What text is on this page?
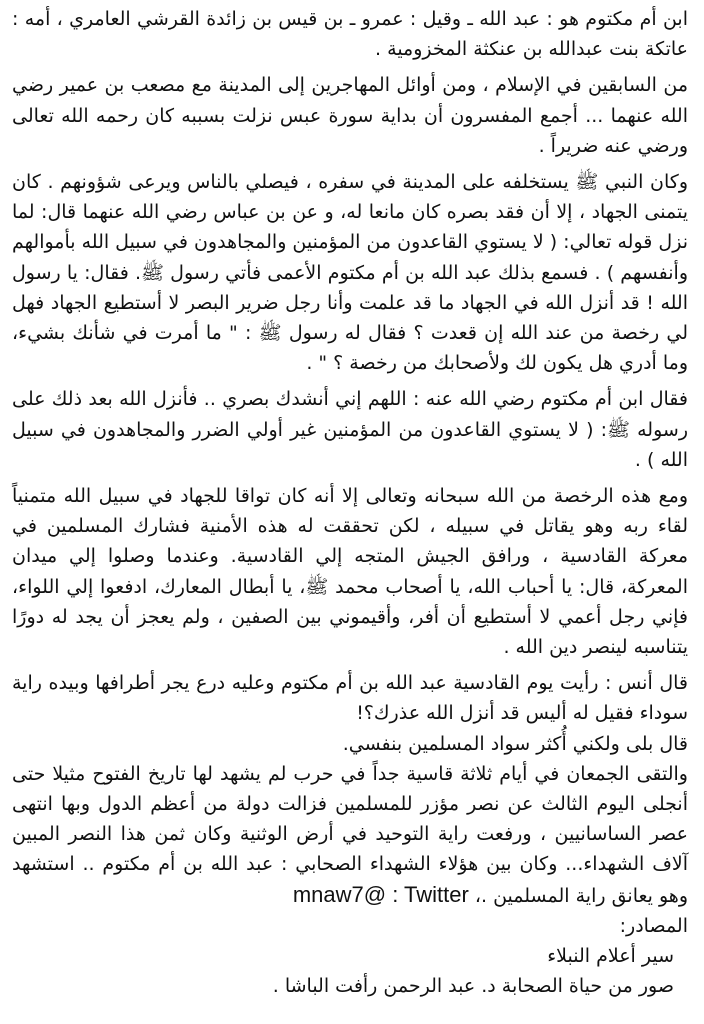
ابن أم مكتوم هو : عبد الله ـ وقيل : عمرو ـ بن قيس بن زائدة القرشي العامري ، أمه : عاتكة بنت عبدالله بن عنكثة المخزومية .

من السابقين في الإسلام ، ومن أوائل المهاجرين إلى المدينة مع مصعب بن عمير رضي الله عنهما ... أجمع المفسرون أن بداية سورة عبس نزلت بسببه كان رحمه الله تعالى ورضي عنه ضريراً .

وكان النبي ﷺ يستخلفه على المدينة في سفره ، فيصلي بالناس ويرعى شؤونهم . كان يتمنى الجهاد ، إلا أن فقد بصره كان مانعا له، و عن بن عباس رضي الله عنهما قال: لما نزل قوله تعالي: ( لا يستوي القاعدون من المؤمنين والمجاهدون في سبيل الله بأموالهم وأنفسهم ) . فسمع بذلك عبد الله بن أم مكتوم الأعمى فأتي رسول ﷺ. فقال: يا رسول الله ! قد أنزل الله في الجهاد ما قد علمت وأنا رجل ضرير البصر لا أستطيع الجهاد فهل لي رخصة من عند الله إن قعدت ؟ فقال له رسول ﷺ : " ما أمرت في شأنك بشيء، وما أدري هل يكون لك ولأصحابك من رخصة ؟ " .

فقال ابن أم مكتوم رضي الله عنه : اللهم إني أنشدك بصري .. فأنزل الله بعد ذلك على رسوله ﷺ: ( لا يستوي القاعدون من المؤمنين غير أولي الضرر والمجاهدون في سبيل الله ) .

ومع هذه الرخصة من الله سبحانه وتعالى إلا أنه كان تواقا للجهاد في سبيل الله متمنياً لقاء ربه وهو يقاتل في سبيله ، لكن تحققت له هذه الأمنية فشارك المسلمين في معركة القادسية ، ورافق الجيش المتجه إلي القادسية. وعندما وصلوا إلي ميدان المعركة، قال: يا أحباب الله، يا أصحاب محمد ﷺ، يا أبطال المعارك، ادفعوا إلي اللواء، فإني رجل أعمي لا أستطيع أن أفر، وأقيموني بين الصفين ، ولم يعجز أن يجد له دورًا يتناسبه لينصر دين الله .

قال أنس : رأيت يوم القادسية عبد الله بن أم مكتوم وعليه درع يجر أطرافها وبيده راية سوداء فقيل له أليس قد أنزل الله عذرك؟!

قال بلى ولكني أُكثر سواد المسلمين بنفسي.

والتقى الجمعان في أيام ثلاثة قاسية جداً في حرب لم يشهد لها تاريخ الفتوح مثيلا حتى أنجلى اليوم الثالث عن نصر مؤزر للمسلمين فزالت دولة من أعظم الدول وبها انتهى عصر الساسانيين ، ورفعت راية التوحيد في أرض الوثنية وكان ثمن هذا النصر المبين آلاف الشهداء... وكان بين هؤلاء الشهداء الصحابي : عبد الله بن أم مكتوم .. استشهد وهو يعانق راية المسلمين .، mnaw7@ : Twitter

المصادر:

سير أعلام النبلاء

صور من حياة الصحابة د. عبد الرحمن رأفت الباشا .
